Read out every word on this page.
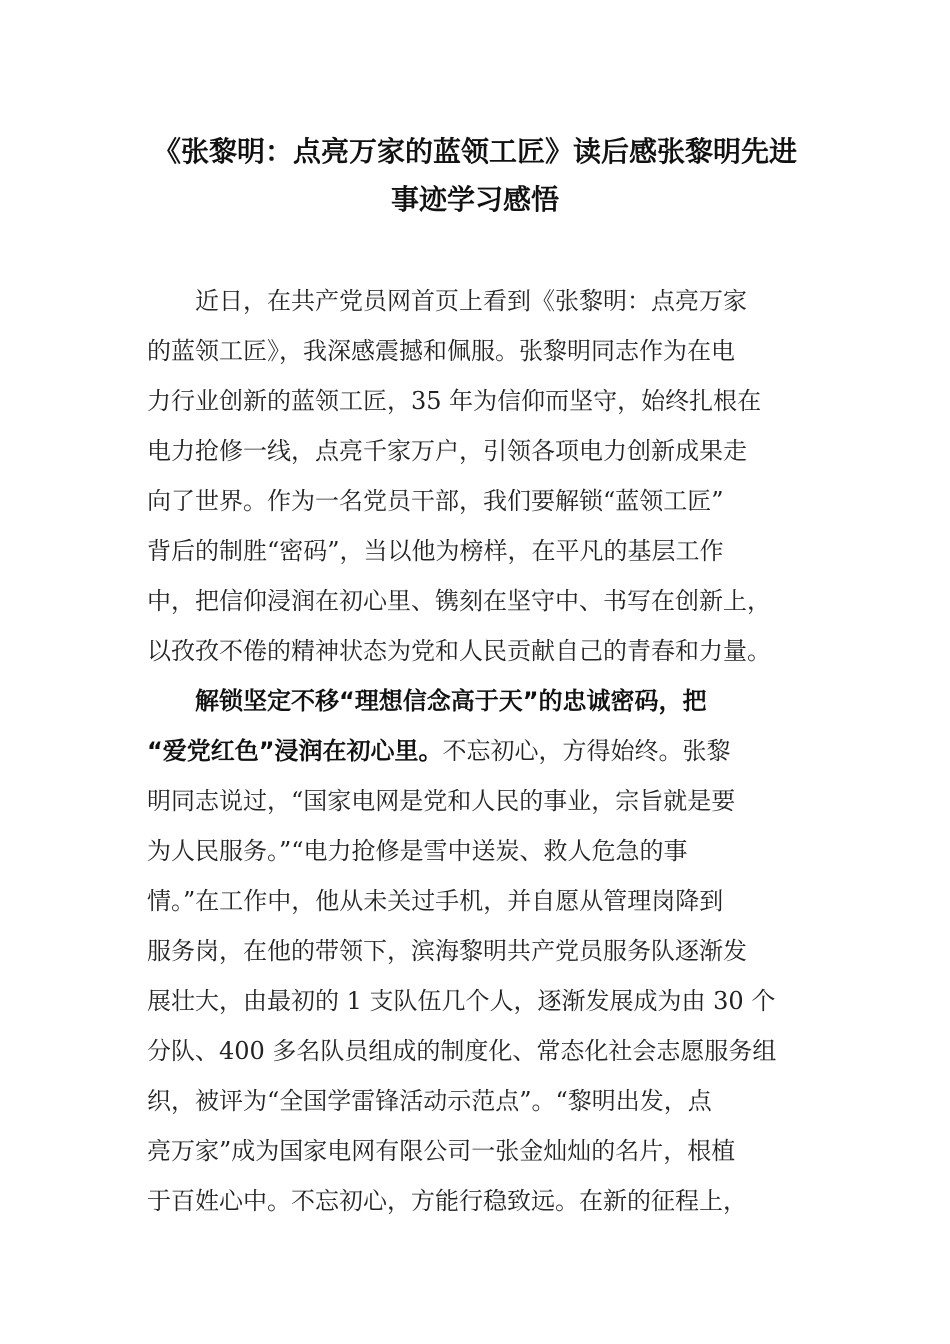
《张黎明：点亮万家的蓝领工匠》读后感张黎明先进
事迹学习感悟
近日，在共产党员网首页上看到《张黎明：点亮万家
的蓝领工匠》，我深感震撼和佩服。张黎明同志作为在电
力行业创新的蓝领工匠，35 年为信仰而坚守，始终扎根在
电力抢修一线，点亮千家万户，引领各项电力创新成果走
向了世界。作为一名党员干部，我们要解锁“蓝领工匠”
背后的制胜“密码”，当以他为榜样，在平凡的基层工作
中，把信仰浸润在初心里、镌刻在坚守中、书写在创新上，
以孜孜不倦的精神状态为党和人民贡献自己的青春和力量。
解锁坚定不移“理想信念高于天”的忠诚密码，把
“爱党红色”浸润在初心里。不忘初心，方得始终。张黎
明同志说过，“国家电网是党和人民的事业，宗旨就是要
为人民服务。”“电力抢修是雪中送炭、救人危急的事
情。”在工作中，他从未关过手机，并自愿从管理岗降到
服务岗，在他的带领下，滨海黎明共产党员服务队逐渐发
展壮大，由最初的 1 支队伍几个人，逐渐发展成为由 30 个
分队、400 多名队员组成的制度化、常态化社会志愿服务组
织，被评为“全国学雷锋活动示范点”。“黎明出发，点
亮万家”成为国家电网有限公司一张金灿灿的名片，根植
于百姓心中。不忘初心，方能行稳致远。在新的征程上，
